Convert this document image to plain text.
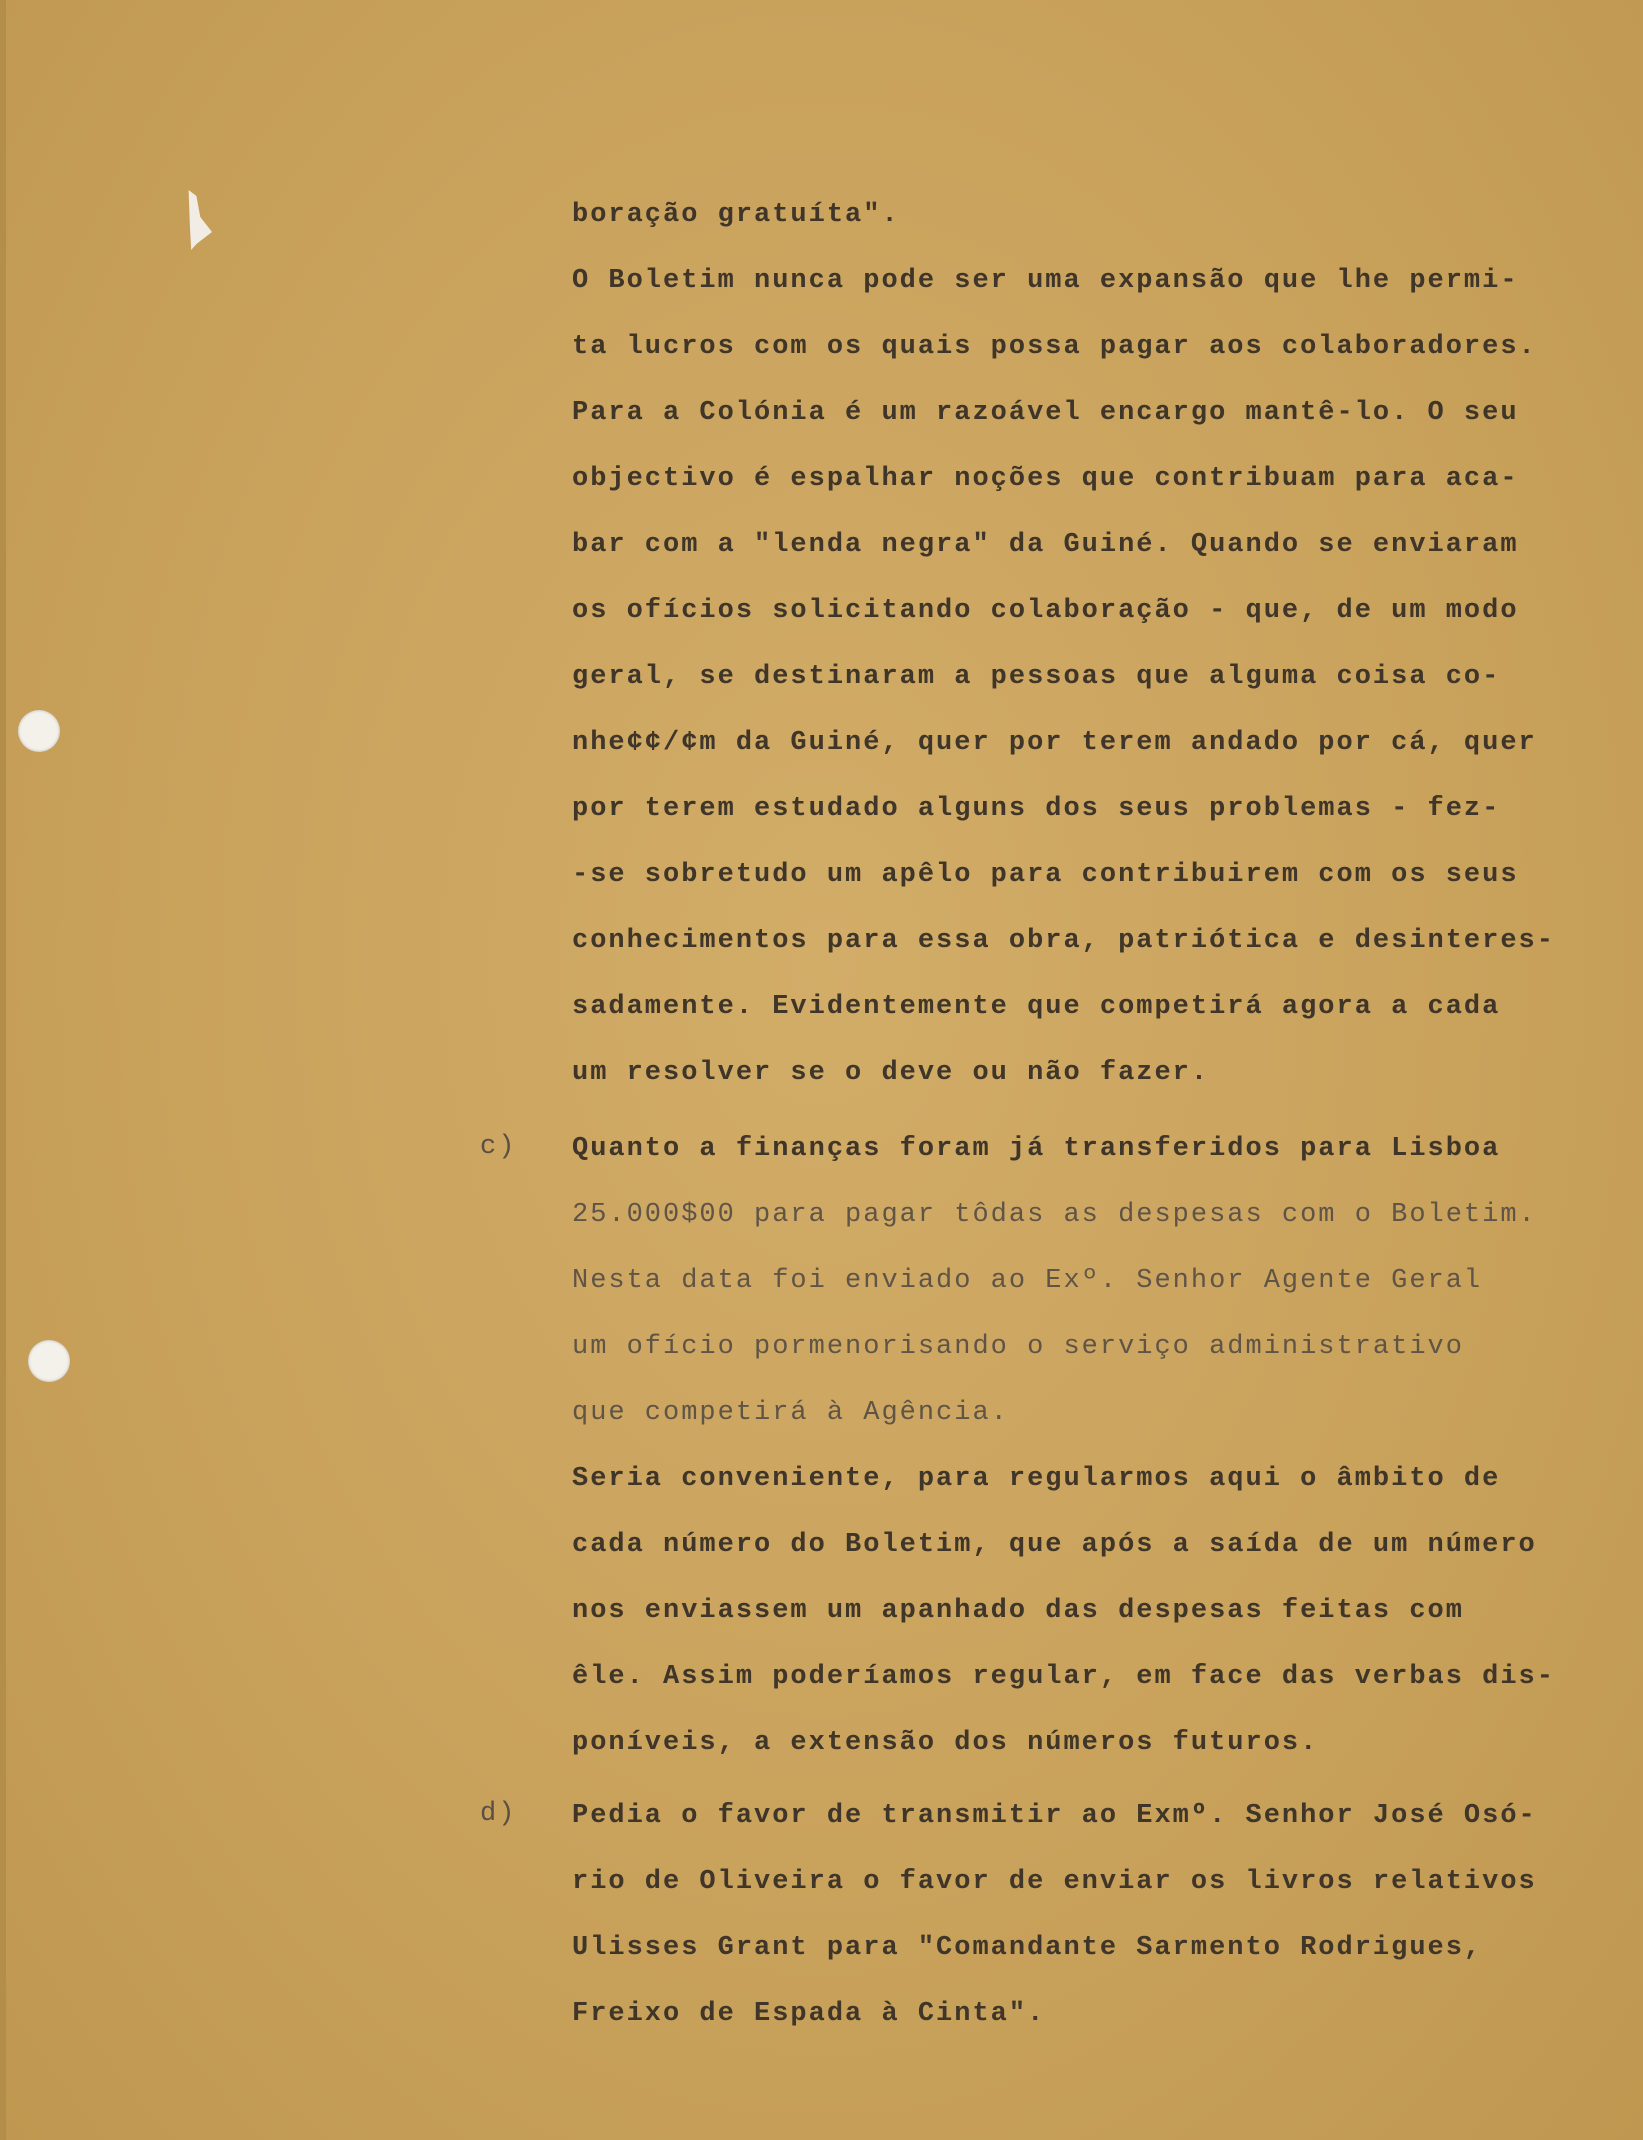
boração gratuíta".
O Boletim nunca pode ser uma expansão que lhe permi-
ta lucros com os quais possa pagar aos colaboradores.
Para a Colónia é um razoável encargo mantê-lo. O seu
objectivo é espalhar noções que contribuam para aca-
bar com a "lenda negra" da Guiné. Quando se enviaram
os ofícios solicitando colaboração - que, de um modo
geral, se destinaram a pessoas que alguma coisa co-
nhe¢¢/¢m da Guiné, quer por terem andado por cá, quer
por terem estudado alguns dos seus problemas - fez-
-se sobretudo um apêlo para contribuirem com os seus
conhecimentos para essa obra, patriótica e desinteres-
sadamente. Evidentemente que competirá agora a cada
um resolver se o deve ou não fazer.
c) Quanto a finanças foram já transferidos para Lisboa
25.000$00 para pagar tôdas as despesas com o Boletim.
Nesta data foi enviado ao Exº. Senhor Agente Geral
um ofício pormenorisando o serviço administrativo
que competirá à Agência.
Seria conveniente, para regularmos aqui o âmbito de
cada número do Boletim, que após a saída de um número
nos enviassem um apanhado das despesas feitas com
êle. Assim poderíamos regular, em face das verbas dis-
poníveis, a extensão dos números futuros.
d) Pedia o favor de transmitir ao Exmº. Senhor José Osó-
rio de Oliveira o favor de enviar os livros relativos
Ulisses Grant para "Comandante Sarmento Rodrigues,
Freixo de Espada à Cinta".
